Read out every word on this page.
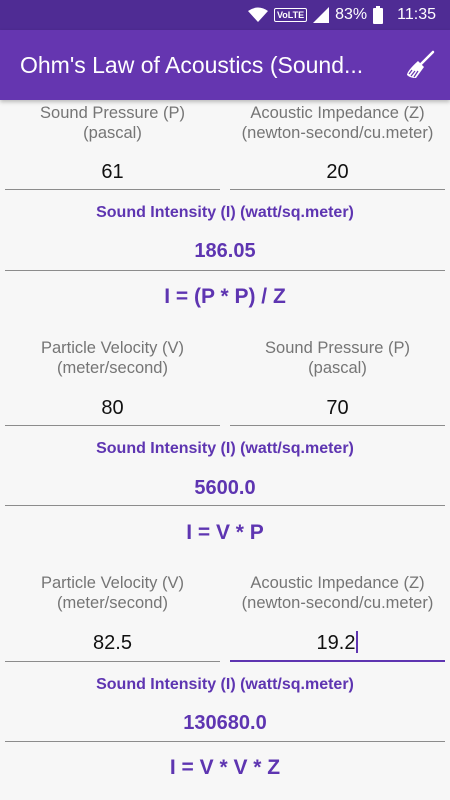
VoLTE 83% 11:35
Ohm's Law of Acoustics (Sound...
Sound Pressure (P)
(pascal)
Acoustic Impedance (Z)
(newton-second/cu.meter)
61	20
Sound Intensity (I) (watt/sq.meter)
186.05
I = (P * P) / Z
Particle Velocity (V)
(meter/second)
Sound Pressure (P)
(pascal)
80	70
Sound Intensity (I) (watt/sq.meter)
5600.0
I = V * P
Particle Velocity (V)
(meter/second)
Acoustic Impedance (Z)
(newton-second/cu.meter)
82.5	19.2
Sound Intensity (I) (watt/sq.meter)
130680.0
I = V * V * Z
